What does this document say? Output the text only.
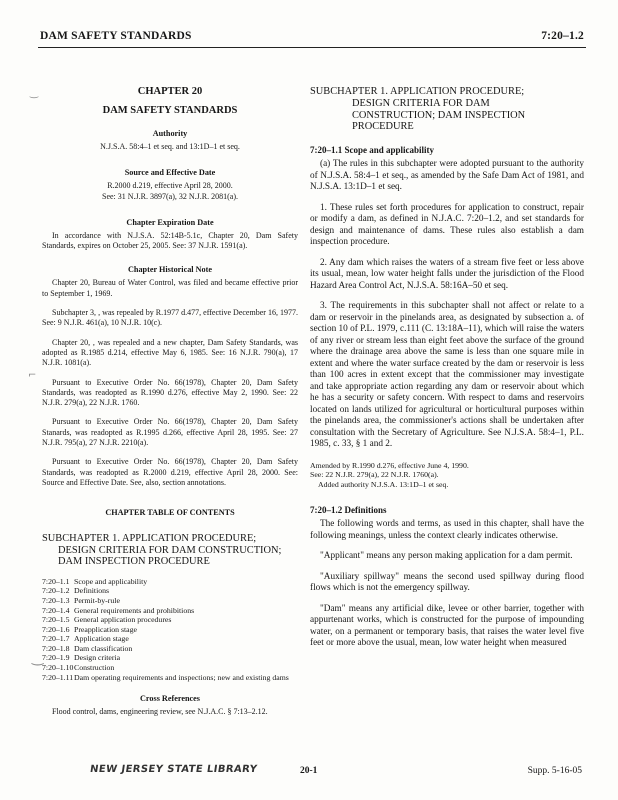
DAM SAFETY STANDARDS	7:20–1.2
CHAPTER 20
DAM SAFETY STANDARDS
Authority
N.J.S.A. 58:4–1 et seq. and 13:1D–1 et seq.
Source and Effective Date
R.2000 d.219, effective April 28, 2000.
See: 31 N.J.R. 3897(a), 32 N.J.R. 2081(a).
Chapter Expiration Date
In accordance with N.J.S.A. 52:14B-5.1c, Chapter 20, Dam Safety Standards, expires on October 25, 2005. See: 37 N.J.R. 1591(a).
Chapter Historical Note
Chapter 20, Bureau of Water Control, was filed and became effective prior to September 1, 1969.
Subchapter 3, , was repealed by R.1977 d.477, effective December 16, 1977. See: 9 N.J.R. 461(a), 10 N.J.R. 10(c).
Chapter 20, , was repealed and a new chapter, Dam Safety Standards, was adopted as R.1985 d.214, effective May 6, 1985. See: 16 N.J.R. 790(a), 17 N.J.R. 1081(a).
Pursuant to Executive Order No. 66(1978), Chapter 20, Dam Safety Standards, was readopted as R.1990 d.276, effective May 2, 1990. See: 22 N.J.R. 279(a), 22 N.J.R. 1760.
Pursuant to Executive Order No. 66(1978), Chapter 20, Dam Safety Stanards, was readopted as R.1995 d.266, effective April 28, 1995. See: 27 N.J.R. 795(a), 27 N.J.R. 2210(a).
Pursuant to Executive Order No. 66(1978), Chapter 20, Dam Safety Standards, was readopted as R.2000 d.219, effective April 28, 2000. See: Source and Effective Date. See, also, section annotations.
CHAPTER TABLE OF CONTENTS
SUBCHAPTER 1. APPLICATION PROCEDURE;
DESIGN CRITERIA FOR DAM CONSTRUCTION;
DAM INSPECTION PROCEDURE
7:20–1.1 Scope and applicability
7:20–1.2 Definitions
7:20–1.3 Permit-by-rule
7:20–1.4 General requirements and prohibitions
7:20–1.5 General application procedures
7:20–1.6 Preapplication stage
7:20–1.7 Application stage
7:20–1.8 Dam classification
7:20–1.9 Design criteria
7:20–1.10 Construction
7:20–1.11 Dam operating requirements and inspections; new and existing dams
Cross References
Flood control, dams, engineering review, see N.J.A.C. § 7:13–2.12.
SUBCHAPTER 1. APPLICATION PROCEDURE;
DESIGN CRITERIA FOR DAM
CONSTRUCTION; DAM INSPECTION
PROCEDURE
7:20–1.1 Scope and applicability
(a) The rules in this subchapter were adopted pursuant to the authority of N.J.S.A. 58:4–1 et seq., as amended by the Safe Dam Act of 1981, and N.J.S.A. 13:1D–1 et seq.
1. These rules set forth procedures for application to construct, repair or modify a dam, as defined in N.J.A.C. 7:20–1.2, and set standards for design and maintenance of dams. These rules also establish a dam inspection procedure.
2. Any dam which raises the waters of a stream five feet or less above its usual, mean, low water height falls under the jurisdiction of the Flood Hazard Area Control Act, N.J.S.A. 58:16A–50 et seq.
3. The requirements in this subchapter shall not affect or relate to a dam or reservoir in the pinelands area, as designated by subsection a. of section 10 of P.L. 1979, c.111 (C. 13:18A–11), which will raise the waters of any river or stream less than eight feet above the surface of the ground where the drainage area above the same is less than one square mile in extent and where the water surface created by the dam or reservoir is less than 100 acres in extent except that the commissioner may investigate and take appropriate action regarding any dam or reservoir about which he has a security or safety concern. With respect to dams and reservoirs located on lands utilized for agricultural or horticultural purposes within the pinelands area, the commissioner's actions shall be undertaken after consultation with the Secretary of Agriculture. See N.J.S.A. 58:4–1, P.L. 1985, c. 33, § 1 and 2.
Amended by R.1990 d.276, effective June 4, 1990.
See: 22 N.J.R. 279(a), 22 N.J.R. 1760(a).
Added authority N.J.S.A. 13:1D–1 et seq.
7:20–1.2 Definitions
The following words and terms, as used in this chapter, shall have the following meanings, unless the context clearly indicates otherwise.
"Applicant" means any person making application for a dam permit.
"Auxiliary spillway" means the second used spillway during flood flows which is not the emergency spillway.
"Dam" means any artificial dike, levee or other barrier, together with appurtenant works, which is constructed for the purpose of impounding water, on a permanent or temporary basis, that raises the water level five feet or more above the usual, mean, low water height when measured
‿
⌐
‿
NEW JERSEY STATE LIBRARY	20-1	Supp. 5-16-05
